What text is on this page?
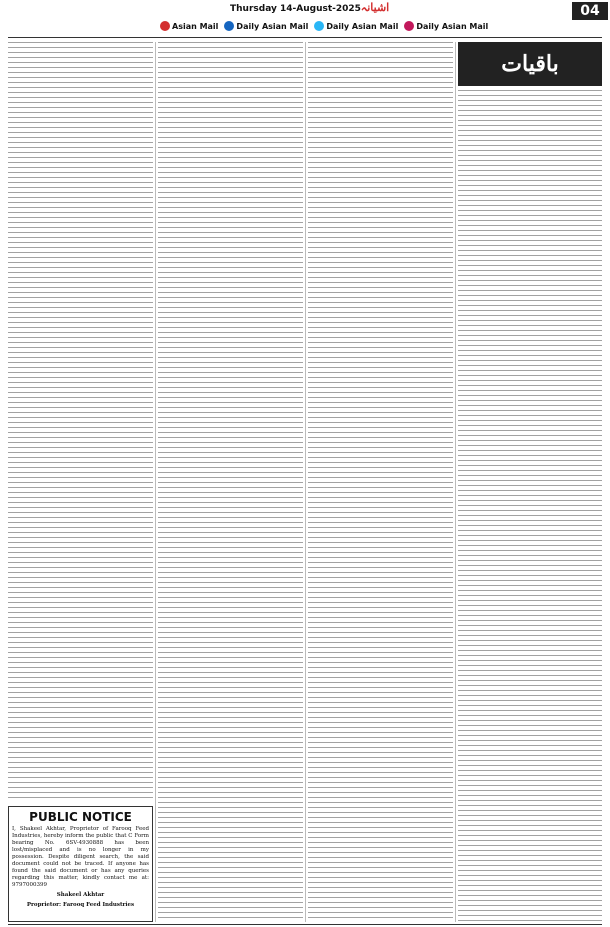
Thursday 14-August-2025 اشیانہ	04
Asian Mail Daily Asian Mail Daily Asian Mail Daily Asian Mail
باقیات
PUBLIC NOTICE
I, Shakeel Akhtar, Proprietor of Farooq Feed Industries, hereby inform the public that C Form bearing No. 6SV-4930888 has been lost/misplaced and is no longer in my possession. Despite diligent search, the said document could not be traced. If anyone has found the said document or has any queries regarding this matter, kindly contact me at: 9797000399
Shakeel Akhtar
Proprietor: Farooq Feed Industries
